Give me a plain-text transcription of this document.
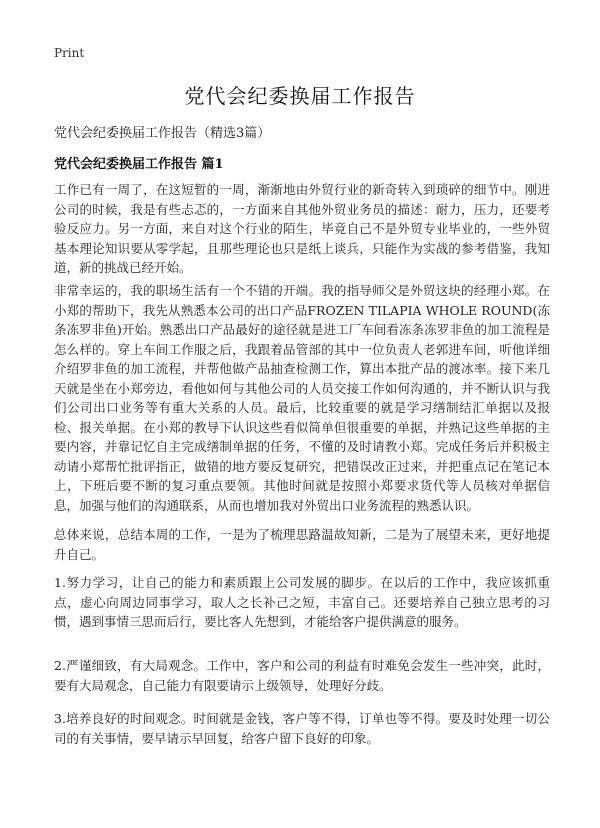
Print
党代会纪委换届工作报告
党代会纪委换届工作报告（精选3篇）
党代会纪委换届工作报告 篇1

工作已有一周了，在这短暂的一周，渐渐地由外贸行业的新奇转入到琐碎的细节中。刚进公司的时候，我是有些忐忑的，一方面来自其他外贸业务员的描述：耐力，压力，还要考验反应力。另一方面，来自对这个行业的陌生，毕竟自己不是外贸专业毕业的，一些外贸基本理论知识要从零学起，且那些理论也只是纸上谈兵，只能作为实战的参考借鉴，我知道，新的挑战已经开始。

非常幸运的，我的职场生活有一个不错的开端。我的指导师父是外贸这块的经理小郑。在小郑的帮助下，我先从熟悉本公司的出口产品FROZEN TILAPIA WHOLE ROUND(冻条冻罗非鱼)开始。熟悉出口产品最好的途径就是进工厂车间看冻条冻罗非鱼的加工流程是怎么样的。穿上车间工作服之后，我跟着品管部的其中一位负责人老郭进车间，听他详细介绍罗非鱼的加工流程，并帮他做产品抽查检测工作，算出本批产品的渡冰率。接下来几天就是坐在小郑旁边，看他如何与其他公司的人员交接工作如何沟通的，并不断认识与我们公司出口业务等有重大关系的人员。最后，比较重要的就是学习缮制结汇单据以及报检、报关单据。在小郑的教导下认识这些看似简单但很重要的单据，并熟记这些单据的主要内容，并靠记忆自主完成缮制单据的任务，不懂的及时请教小郑。完成任务后并积极主动请小郑帮忙批评指正，做错的地方要反复研究，把错误改正过来，并把重点记在笔记本上，下班后要不断的复习重点要领。其他时间就是按照小郑要求货代等人员核对单据信息，加强与他们的沟通联系，从而也增加我对外贸出口业务流程的熟悉认识。

总体来说，总结本周的工作，一是为了梳理思路温故知新，二是为了展望未来，更好地提升自己。

1.努力学习，让自己的能力和素质跟上公司发展的脚步。在以后的工作中，我应该抓重点，虚心向周边同事学习，取人之长补己之短，丰富自己。还要培养自己独立思考的习惯，遇到事情三思而后行，要比客人先想到，才能给客户提供满意的服务。

2.严谨细致，有大局观念。工作中，客户和公司的利益有时难免会发生一些冲突，此时，要有大局观念，自己能力有限要请示上级领导，处理好分歧。

3.培养良好的时间观念。时间就是金钱，客户等不得，订单也等不得。要及时处理一切公司的有关事情，要早请示早回复，给客户留下良好的印象。
